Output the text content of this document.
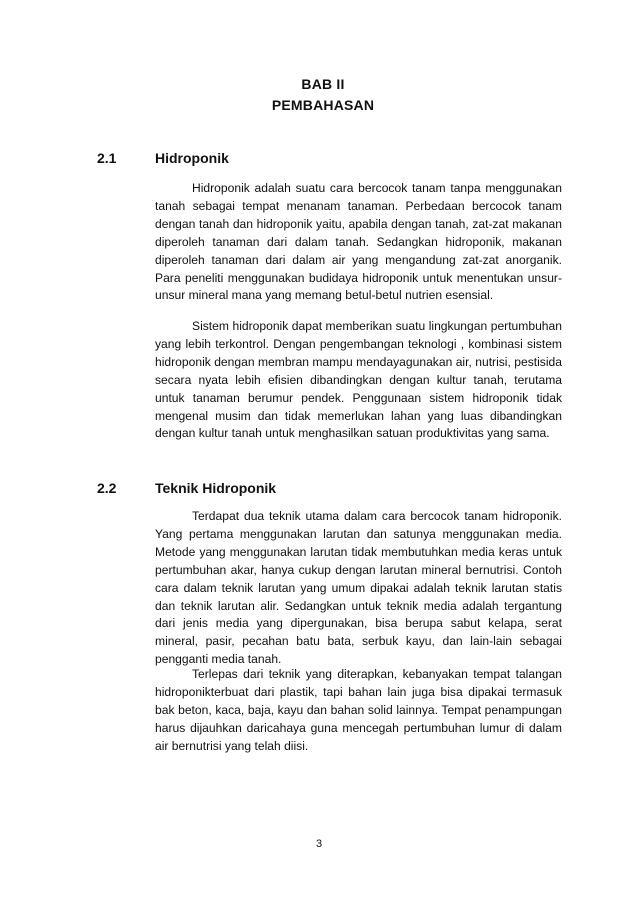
BAB II
PEMBAHASAN
2.1	Hidroponik

Hidroponik adalah suatu cara bercocok tanam tanpa menggunakan tanah sebagai tempat menanam tanaman. Perbedaan bercocok tanam dengan tanah dan hidroponik yaitu, apabila dengan tanah, zat-zat makanan diperoleh tanaman dari dalam tanah. Sedangkan hidroponik, makanan diperoleh tanaman dari dalam air yang mengandung zat-zat anorganik. Para peneliti menggunakan budidaya hidroponik untuk menentukan unsur-unsur mineral mana yang memang betul-betul nutrien esensial.

Sistem hidroponik dapat memberikan suatu lingkungan pertumbuhan yang lebih terkontrol. Dengan pengembangan teknologi , kombinasi sistem hidroponik dengan membran mampu mendayagunakan air, nutrisi, pestisida secara nyata lebih efisien dibandingkan dengan kultur tanah, terutama untuk tanaman berumur pendek. Penggunaan sistem hidroponik tidak mengenal musim dan tidak memerlukan lahan yang luas dibandingkan dengan kultur tanah untuk menghasilkan satuan produktivitas yang sama.

2.2	Teknik Hidroponik

Terdapat dua teknik utama dalam cara bercocok tanam hidroponik. Yang pertama menggunakan larutan dan satunya menggunakan media. Metode yang menggunakan larutan tidak membutuhkan media keras untuk pertumbuhan akar, hanya cukup dengan larutan mineral bernutrisi. Contoh cara dalam teknik larutan yang umum dipakai adalah teknik larutan statis dan teknik larutan alir. Sedangkan untuk teknik media adalah tergantung dari jenis media yang dipergunakan, bisa berupa sabut kelapa, serat mineral, pasir, pecahan batu bata, serbuk kayu, dan lain-lain sebagai pengganti media tanah.

Terlepas dari teknik yang diterapkan, kebanyakan tempat talangan hidroponikterbuat dari plastik, tapi bahan lain juga bisa dipakai termasuk bak beton, kaca, baja, kayu dan bahan solid lainnya. Tempat penampungan harus dijauhkan daricahaya guna mencegah pertumbuhan lumur di dalam air bernutrisi yang telah diisi.

3
